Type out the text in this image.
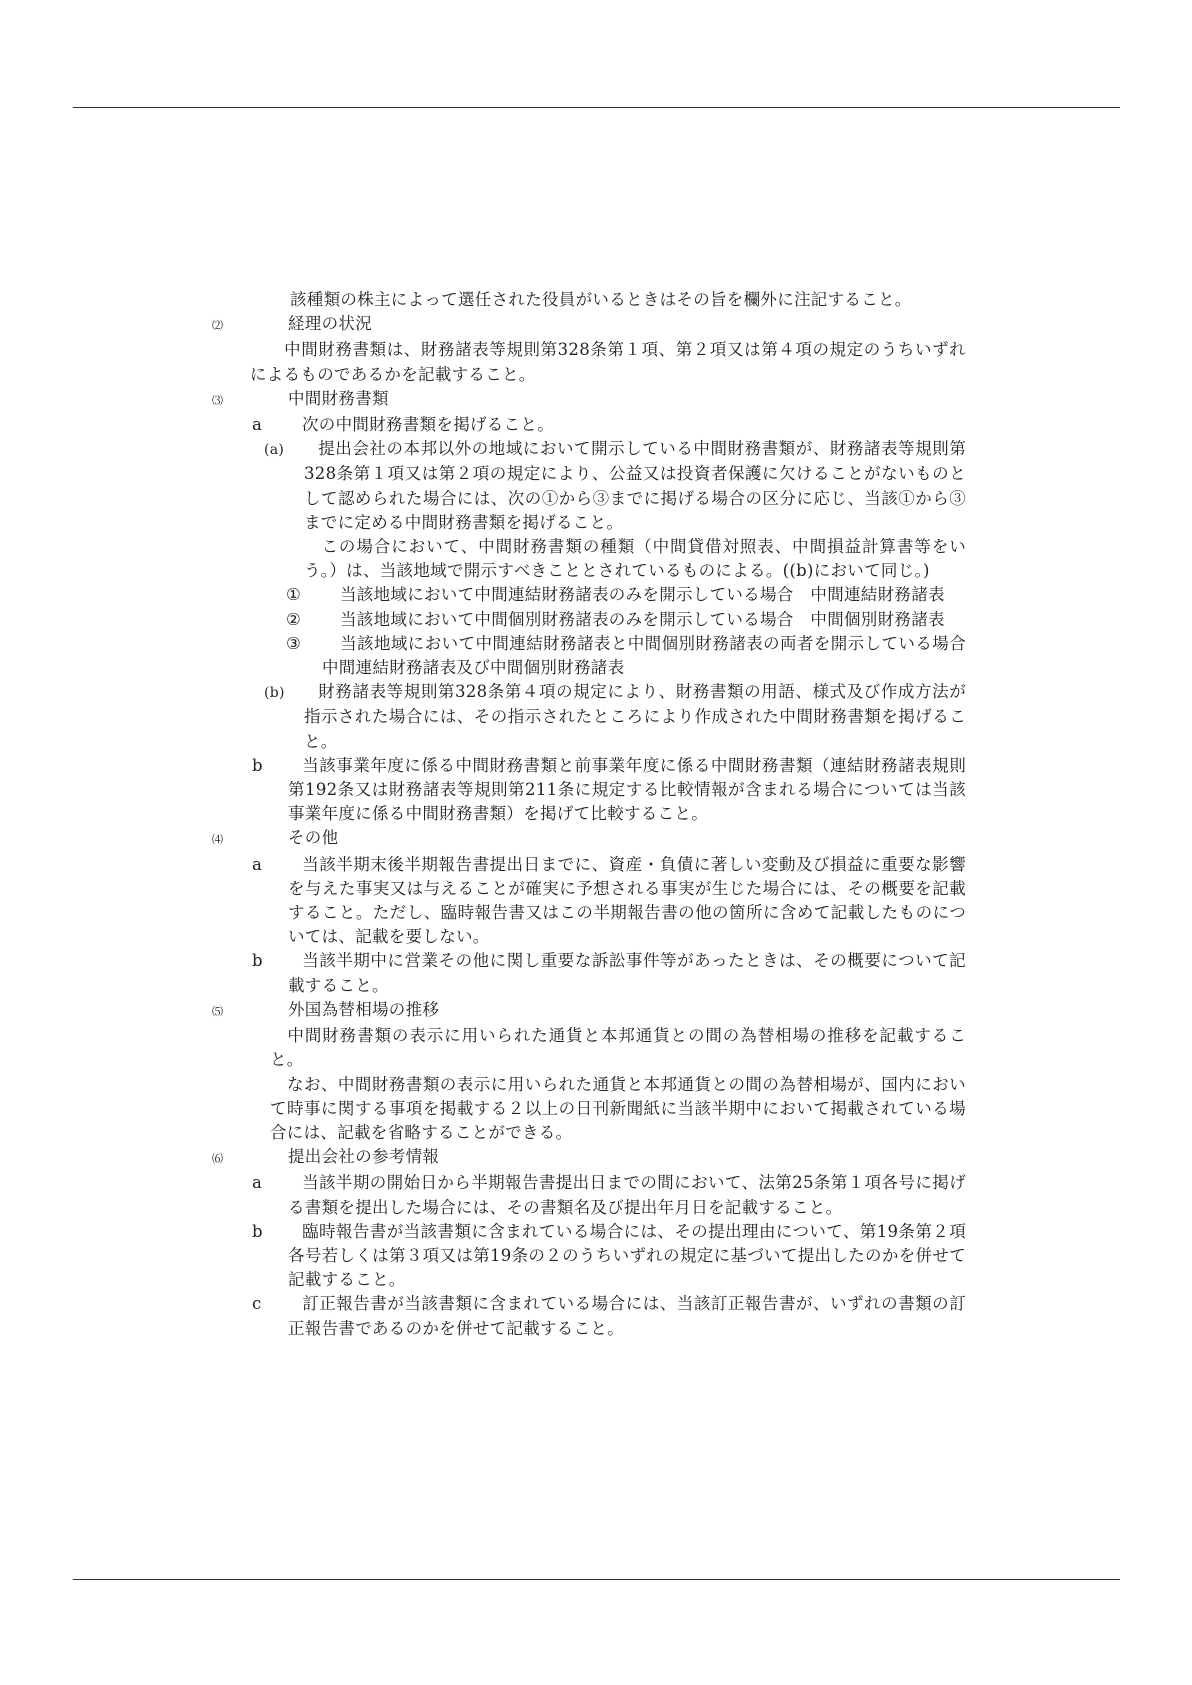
該種類の株主によって選任された役員がいるときはその旨を欄外に注記すること。

⑵	経理の状況

　　中間財務書類は、財務諸表等規則第328条第１項、第２項又は第４項の規定のうちいずれによるものであるかを記載すること。

⑶	中間財務書類

a 次の中間財務書類を掲げること。

(a) 提出会社の本邦以外の地域において開示している中間財務書類が、財務諸表等規則第328条第１項又は第２項の規定により、公益又は投資者保護に欠けることがないものとして認められた場合には、次の①から③までに掲げる場合の区分に応じ、当該①から③までに定める中間財務書類を掲げること。

　この場合において、中間財務書類の種類（中間貸借対照表、中間損益計算書等をいう。）は、当該地域で開示すべきこととされているものによる。((b)において同じ。)

① 当該地域において中間連結財務諸表のみを開示している場合　中間連結財務諸表

② 当該地域において中間個別財務諸表のみを開示している場合　中間個別財務諸表

③ 当該地域において中間連結財務諸表と中間個別財務諸表の両者を開示している場合　中間連結財務諸表及び中間個別財務諸表

(b) 財務諸表等規則第328条第４項の規定により、財務書類の用語、様式及び作成方法が指示された場合には、その指示されたところにより作成された中間財務書類を掲げること。

b 当該事業年度に係る中間財務書類と前事業年度に係る中間財務書類（連結財務諸表規則第192条又は財務諸表等規則第211条に規定する比較情報が含まれる場合については当該事業年度に係る中間財務書類）を掲げて比較すること。

⑷	その他

a 当該半期末後半期報告書提出日までに、資産・負債に著しい変動及び損益に重要な影響を与えた事実又は与えることが確実に予想される事実が生じた場合には、その概要を記載すること。ただし、臨時報告書又はこの半期報告書の他の箇所に含めて記載したものについては、記載を要しない。

b 当該半期中に営業その他に関し重要な訴訟事件等があったときは、その概要について記載すること。

⑸	外国為替相場の推移

　中間財務書類の表示に用いられた通貨と本邦通貨との間の為替相場の推移を記載すること。

　なお、中間財務書類の表示に用いられた通貨と本邦通貨との間の為替相場が、国内において時事に関する事項を掲載する２以上の日刊新聞紙に当該半期中において掲載されている場合には、記載を省略することができる。

⑹	提出会社の参考情報

a 当該半期の開始日から半期報告書提出日までの間において、法第25条第１項各号に掲げる書類を提出した場合には、その書類名及び提出年月日を記載すること。

b 臨時報告書が当該書類に含まれている場合には、その提出理由について、第19条第２項各号若しくは第３項又は第19条の２のうちいずれの規定に基づいて提出したのかを併せて記載すること。

c 訂正報告書が当該書類に含まれている場合には、当該訂正報告書が、いずれの書類の訂正報告書であるのかを併せて記載すること。
